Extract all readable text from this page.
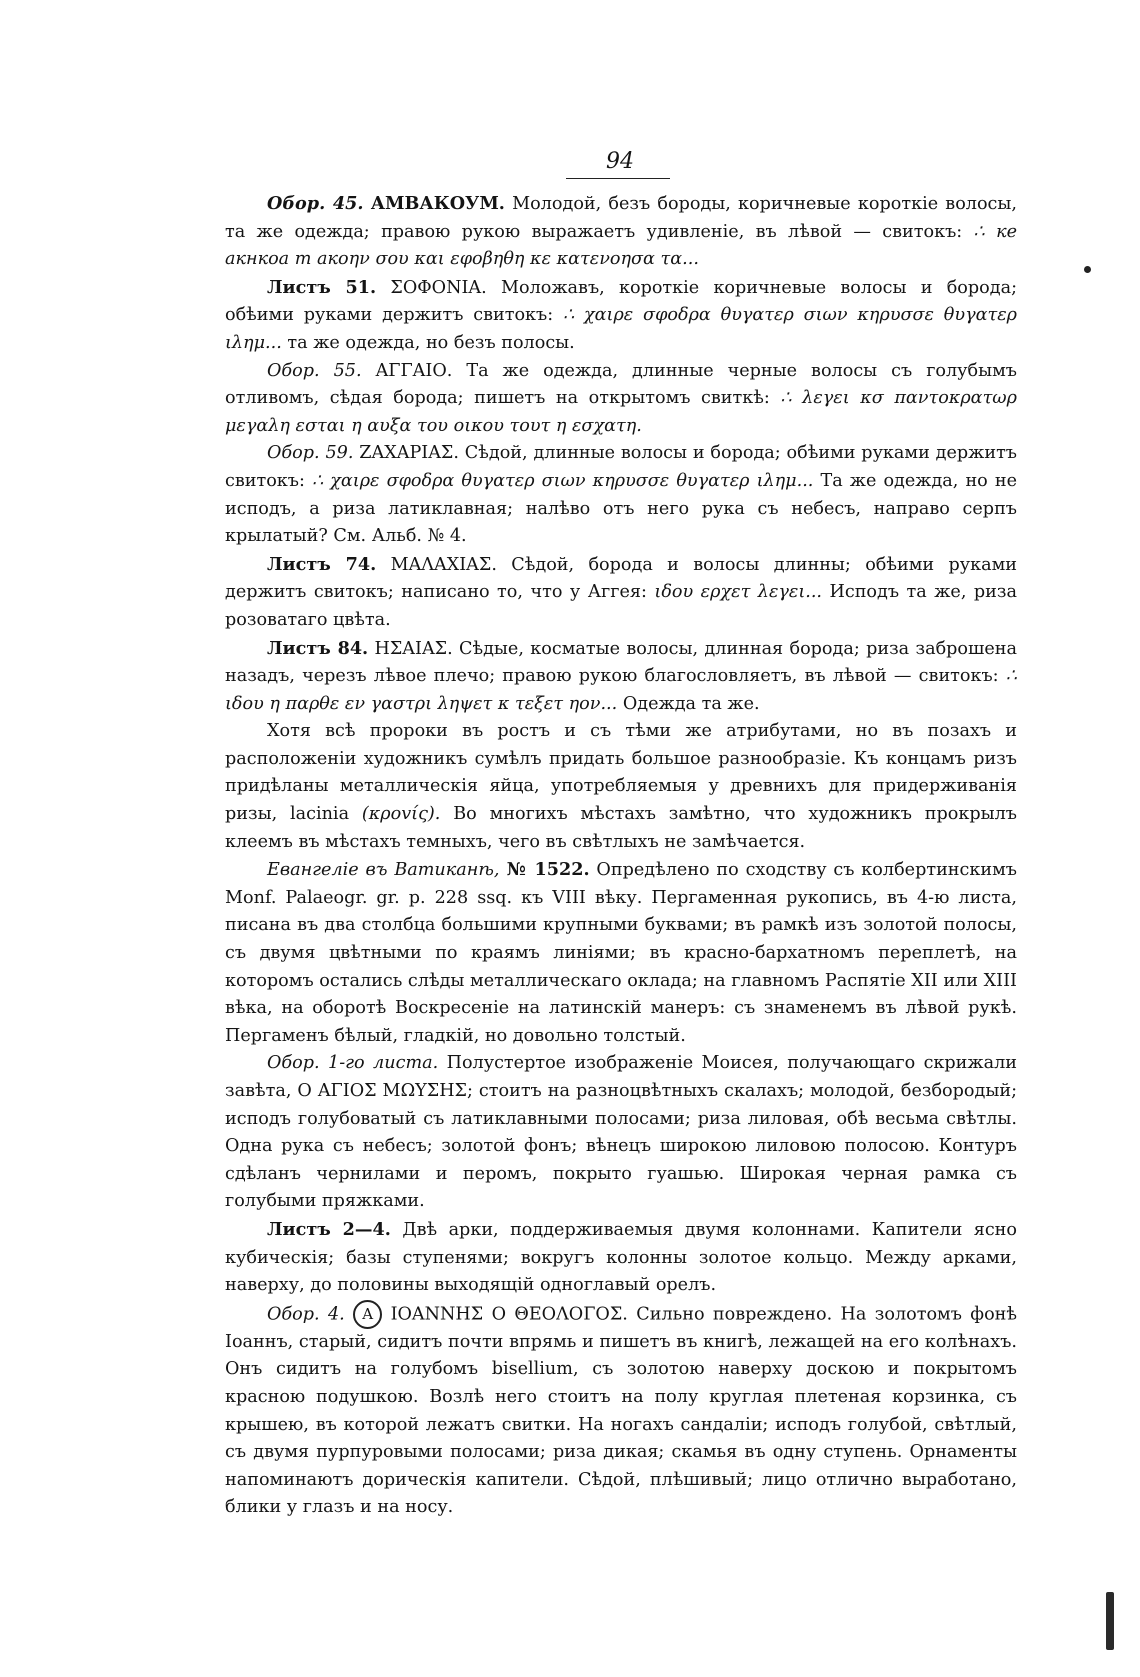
94

Обор. 45. АМВАКОУМ. Молодой, безъ бороды, коричневые короткіе волосы, та же одежда; правою рукою выражаетъ удивленіе, въ лѣвой — свитокъ: ∴ ке акнкоа т акоην σου και εφοβηθη κε κατενοησα τα...

Листъ 51. ΣΟΦΟΝΙΑ. Моложавъ, короткіе коричневые волосы и борода; обѣими руками держитъ свитокъ: ∴ χαιρε σφοδρα θυγατερ σιων κηρυσσε θυγατερ ιλημ... та же одежда, но безъ полосы.

Обор. 55. ΑΓΓΑΙΟ. Та же одежда, длинные черные волосы съ голубымъ отливомъ, сѣдая борода; пишетъ на открытомъ свиткѣ: ∴ λεγει κσ παντοκρατωρ μεγαλη εσται η αυξα του οικου τουτ η εσχατη.

Обор. 59. ΖΑΧΑΡΙΑΣ. Сѣдой, длинные волосы и борода; обѣими руками держитъ свитокъ: ∴ χαιρε σφοδρα θυγατερ σιων κηρυσσε θυγατερ ιλημ... Та же одежда, но не исподъ, а риза латиклавная; налѣво отъ него рука съ небесъ, направо серпъ крылатый? См. Альб. № 4.

Листъ 74. ΜΑΛΑΧΙΑΣ. Сѣдой, борода и волосы длинны; обѣими руками держитъ свитокъ; написано то, что у Аггея: ιδου ερχετ λεγει... Исподъ та же, риза розоватаго цвѣта.

Листъ 84. ΗΣΑΙΑΣ. Сѣдые, косматые волосы, длинная борода; риза заброшена назадъ, черезъ лѣвое плечо; правою рукою благословляетъ, въ лѣвой — свитокъ: ∴ ιδου η παρθε εν γαστρι ληψετ κ τεξετ ηον... Одежда та же.

Хотя всѣ пророки въ ростъ и съ тѣми же атрибутами, но въ позахъ и расположеніи художникъ сумѣлъ придать большое разнообразіе. Къ концамъ ризъ придѣланы металлическія яйца, употребляемыя у древнихъ для придерживанія ризы, lacinia (κροvίς). Во многихъ мѣстахъ замѣтно, что художникъ прокрылъ клеемъ въ мѣстахъ темныхъ, чего въ свѣтлыхъ не замѣчается.

Евангеліе въ Ватиканѣ, № 1522. Опредѣлено по сходству съ колбертинскимъ Monf. Palaeogr. gr. p. 228 ssq. къ VIII вѣку. Пергаменная рукопись, въ 4-ю листа, писана въ два столбца большими крупными буквами; въ рамкѣ изъ золотой полосы, съ двумя цвѣтными по краямъ линіями; въ красно-бархатномъ переплетѣ, на которомъ остались слѣды металлическаго оклада; на главномъ Распятіе XII или XIII вѣка, на оборотѣ Воскресеніе на латинскій манеръ: съ знаменемъ въ лѣвой рукѣ. Пергаменъ бѣлый, гладкій, но довольно толстый.

Обор. 1-го листа. Полустертое изображеніе Моисея, получающаго скрижали завѣта, Ο ΑΓΙΟΣ ΜΩΥΣΗΣ; стоитъ на разноцвѣтныхъ скалахъ; молодой, безбородый; исподъ голубоватый съ латиклавными полосами; риза лиловая, обѣ весьма свѣтлы. Одна рука съ небесъ; золотой фонъ; вѣнецъ широкою лиловою полосою. Контуръ сдѣланъ чернилами и перомъ, покрыто гуашью. Широкая черная рамка съ голубыми пряжками.

Листъ 2—4. Двѣ арки, поддерживаемыя двумя колоннами. Капители ясно кубическія; базы ступенями; вокругъ колонны золотое кольцо. Между арками, наверху, до половины выходящій одноглавый орелъ.

Обор. 4. A ΙΟΑΝΝΗΣ Ο ΘΕΟΛΟΓΟΣ. Сильно повреждено. На золотомъ фонѣ Іоаннъ, старый, сидитъ почти впрямь и пишетъ въ книгѣ, лежащей на его колѣнахъ. Онъ сидитъ на голубомъ bisellium, съ золотою наверху доскою и покрытомъ красною подушкою. Возлѣ него стоитъ на полу круглая плетеная корзинка, съ крышею, въ которой лежатъ свитки. На ногахъ сандаліи; исподъ голубой, свѣтлый, съ двумя пурпуровыми полосами; риза дикая; скамья въ одну ступень. Орнаменты напоминаютъ дорическія капители. Сѣдой, плѣшивый; лицо отлично выработано, блики у глазъ и на носу.
